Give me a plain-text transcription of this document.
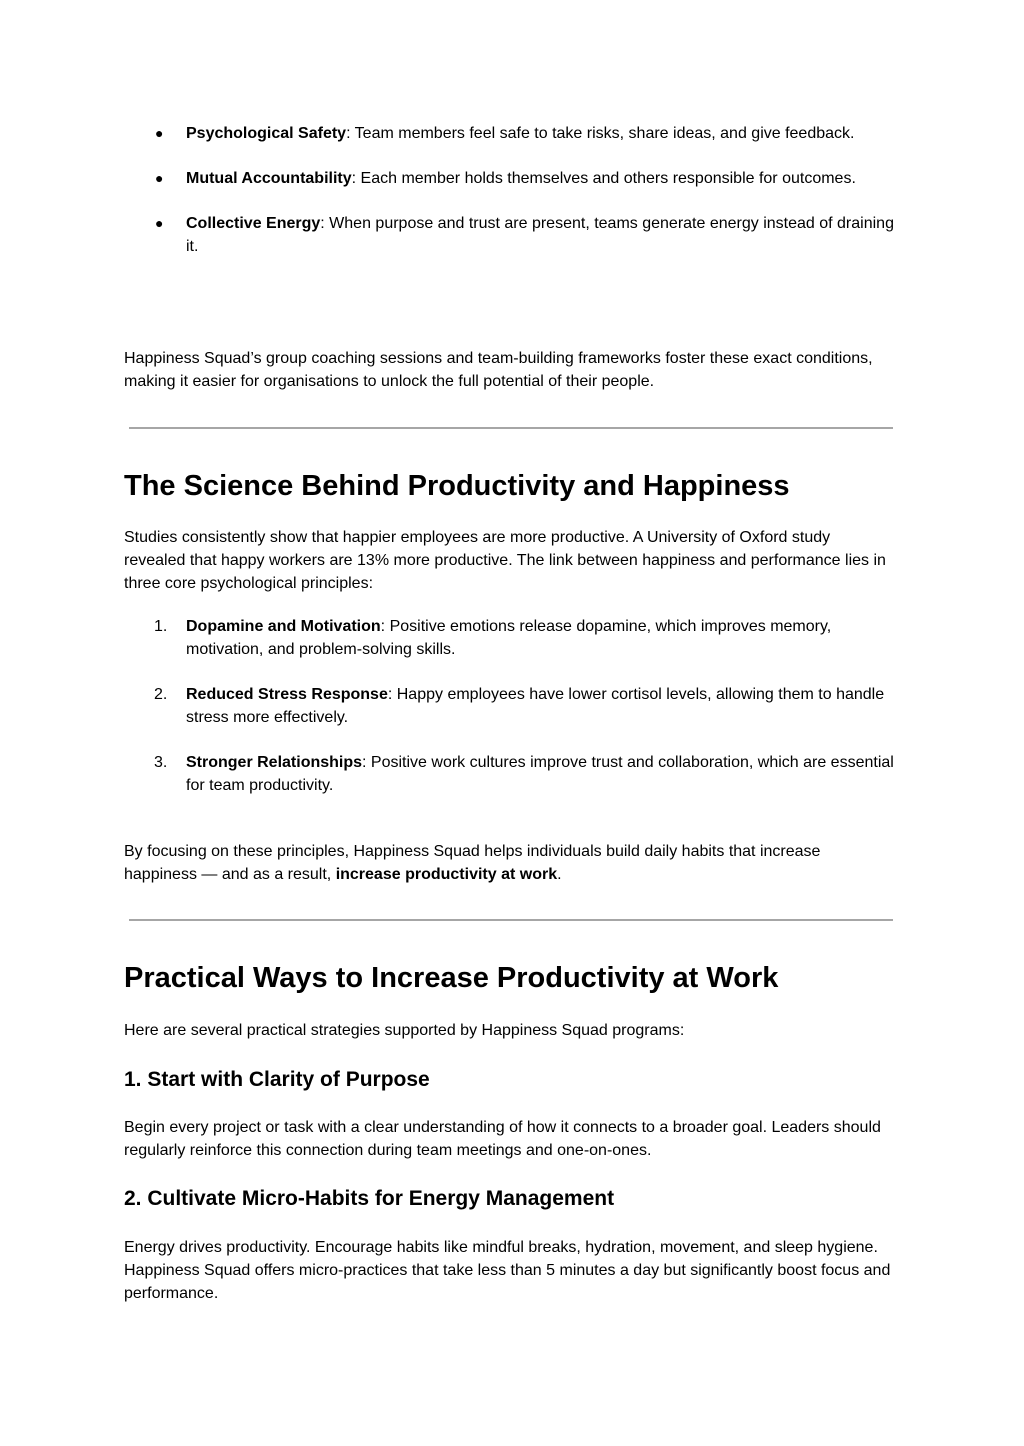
● Psychological Safety: Team members feel safe to take risks, share ideas, and give feedback.
● Mutual Accountability: Each member holds themselves and others responsible for outcomes.
● Collective Energy: When purpose and trust are present, teams generate energy instead of draining it.

Happiness Squad’s group coaching sessions and team-building frameworks foster these exact conditions, making it easier for organisations to unlock the full potential of their people.

The Science Behind Productivity and Happiness

Studies consistently show that happier employees are more productive. A University of Oxford study revealed that happy workers are 13% more productive. The link between happiness and performance lies in three core psychological principles:

1. Dopamine and Motivation: Positive emotions release dopamine, which improves memory, motivation, and problem-solving skills.
2. Reduced Stress Response: Happy employees have lower cortisol levels, allowing them to handle stress more effectively.
3. Stronger Relationships: Positive work cultures improve trust and collaboration, which are essential for team productivity.

By focusing on these principles, Happiness Squad helps individuals build daily habits that increase happiness — and as a result, increase productivity at work.

Practical Ways to Increase Productivity at Work

Here are several practical strategies supported by Happiness Squad programs:

1. Start with Clarity of Purpose

Begin every project or task with a clear understanding of how it connects to a broader goal. Leaders should regularly reinforce this connection during team meetings and one-on-ones.

2. Cultivate Micro-Habits for Energy Management

Energy drives productivity. Encourage habits like mindful breaks, hydration, movement, and sleep hygiene. Happiness Squad offers micro-practices that take less than 5 minutes a day but significantly boost focus and performance.
